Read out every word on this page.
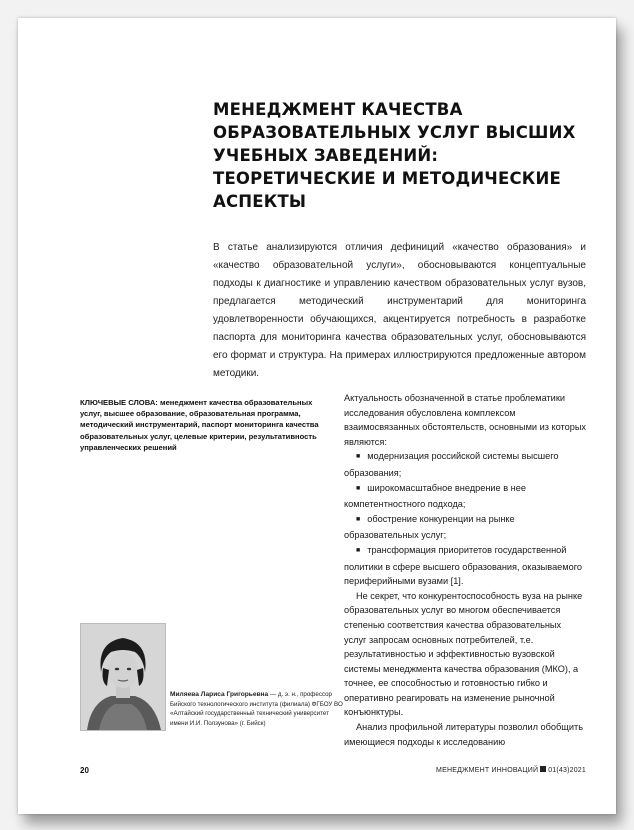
МЕНЕДЖМЕНТ КАЧЕСТВА ОБРАЗОВАТЕЛЬНЫХ УСЛУГ ВЫСШИХ УЧЕБНЫХ ЗАВЕДЕНИЙ: ТЕОРЕТИЧЕСКИЕ И МЕТОДИЧЕСКИЕ АСПЕКТЫ
В статье анализируются отличия дефиниций «качество образования» и «качество образовательной услуги», обосновываются концептуальные подходы к диагностике и управлению качеством образовательных услуг вузов, предлагается методический инструментарий для мониторинга удовлетворенности обучающихся, акцентируется потребность в разработке паспорта для мониторинга качества образовательных услуг, обосновываются его формат и структура. На примерах иллюстрируются предложенные автором методики.
КЛЮЧЕВЫЕ СЛОВА: менеджмент качества образовательных услуг, высшее образование, образовательная программа, методический инструментарий, паспорт мониторинга качества образовательных услуг, целевые критерии, результативность управленческих решений

Актуальность обозначенной в статье проблематики исследования обусловлена комплексом взаимосвязанных обстоятельств, основными из которых являются:

■ модернизация российской системы высшего образования;

■ широкомасштабное внедрение в нее компетентностного подхода;

■ обострение конкуренции на рынке образовательных услуг;

■ трансформация приоритетов государственной политики в сфере высшего образования, оказываемого периферийными вузами [1].

Не секрет, что конкурентоспособность вуза на рынке образовательных услуг во многом обеспечивается степенью соответствия качества образовательных услуг запросам основных потребителей, т.е. результативностью и эффективностью вузовской системы менеджмента качества образования (МКО), а точнее, ее способностью и готовностью гибко и оперативно реагировать на изменение рыночной конъюнктуры.

Анализ профильной литературы позволил обобщить имеющиеся подходы к исследованию

Миляева Лариса Григорьевна — д. э. н., профессор Бийского технологического института (филиала) ФГБОУ ВО «Алтайский государственный технический университет имени И.И. Ползунова» (г. Бийск)
20	МЕНЕДЖМЕНТ ИННОВАЦИЙ 01(43)2021
